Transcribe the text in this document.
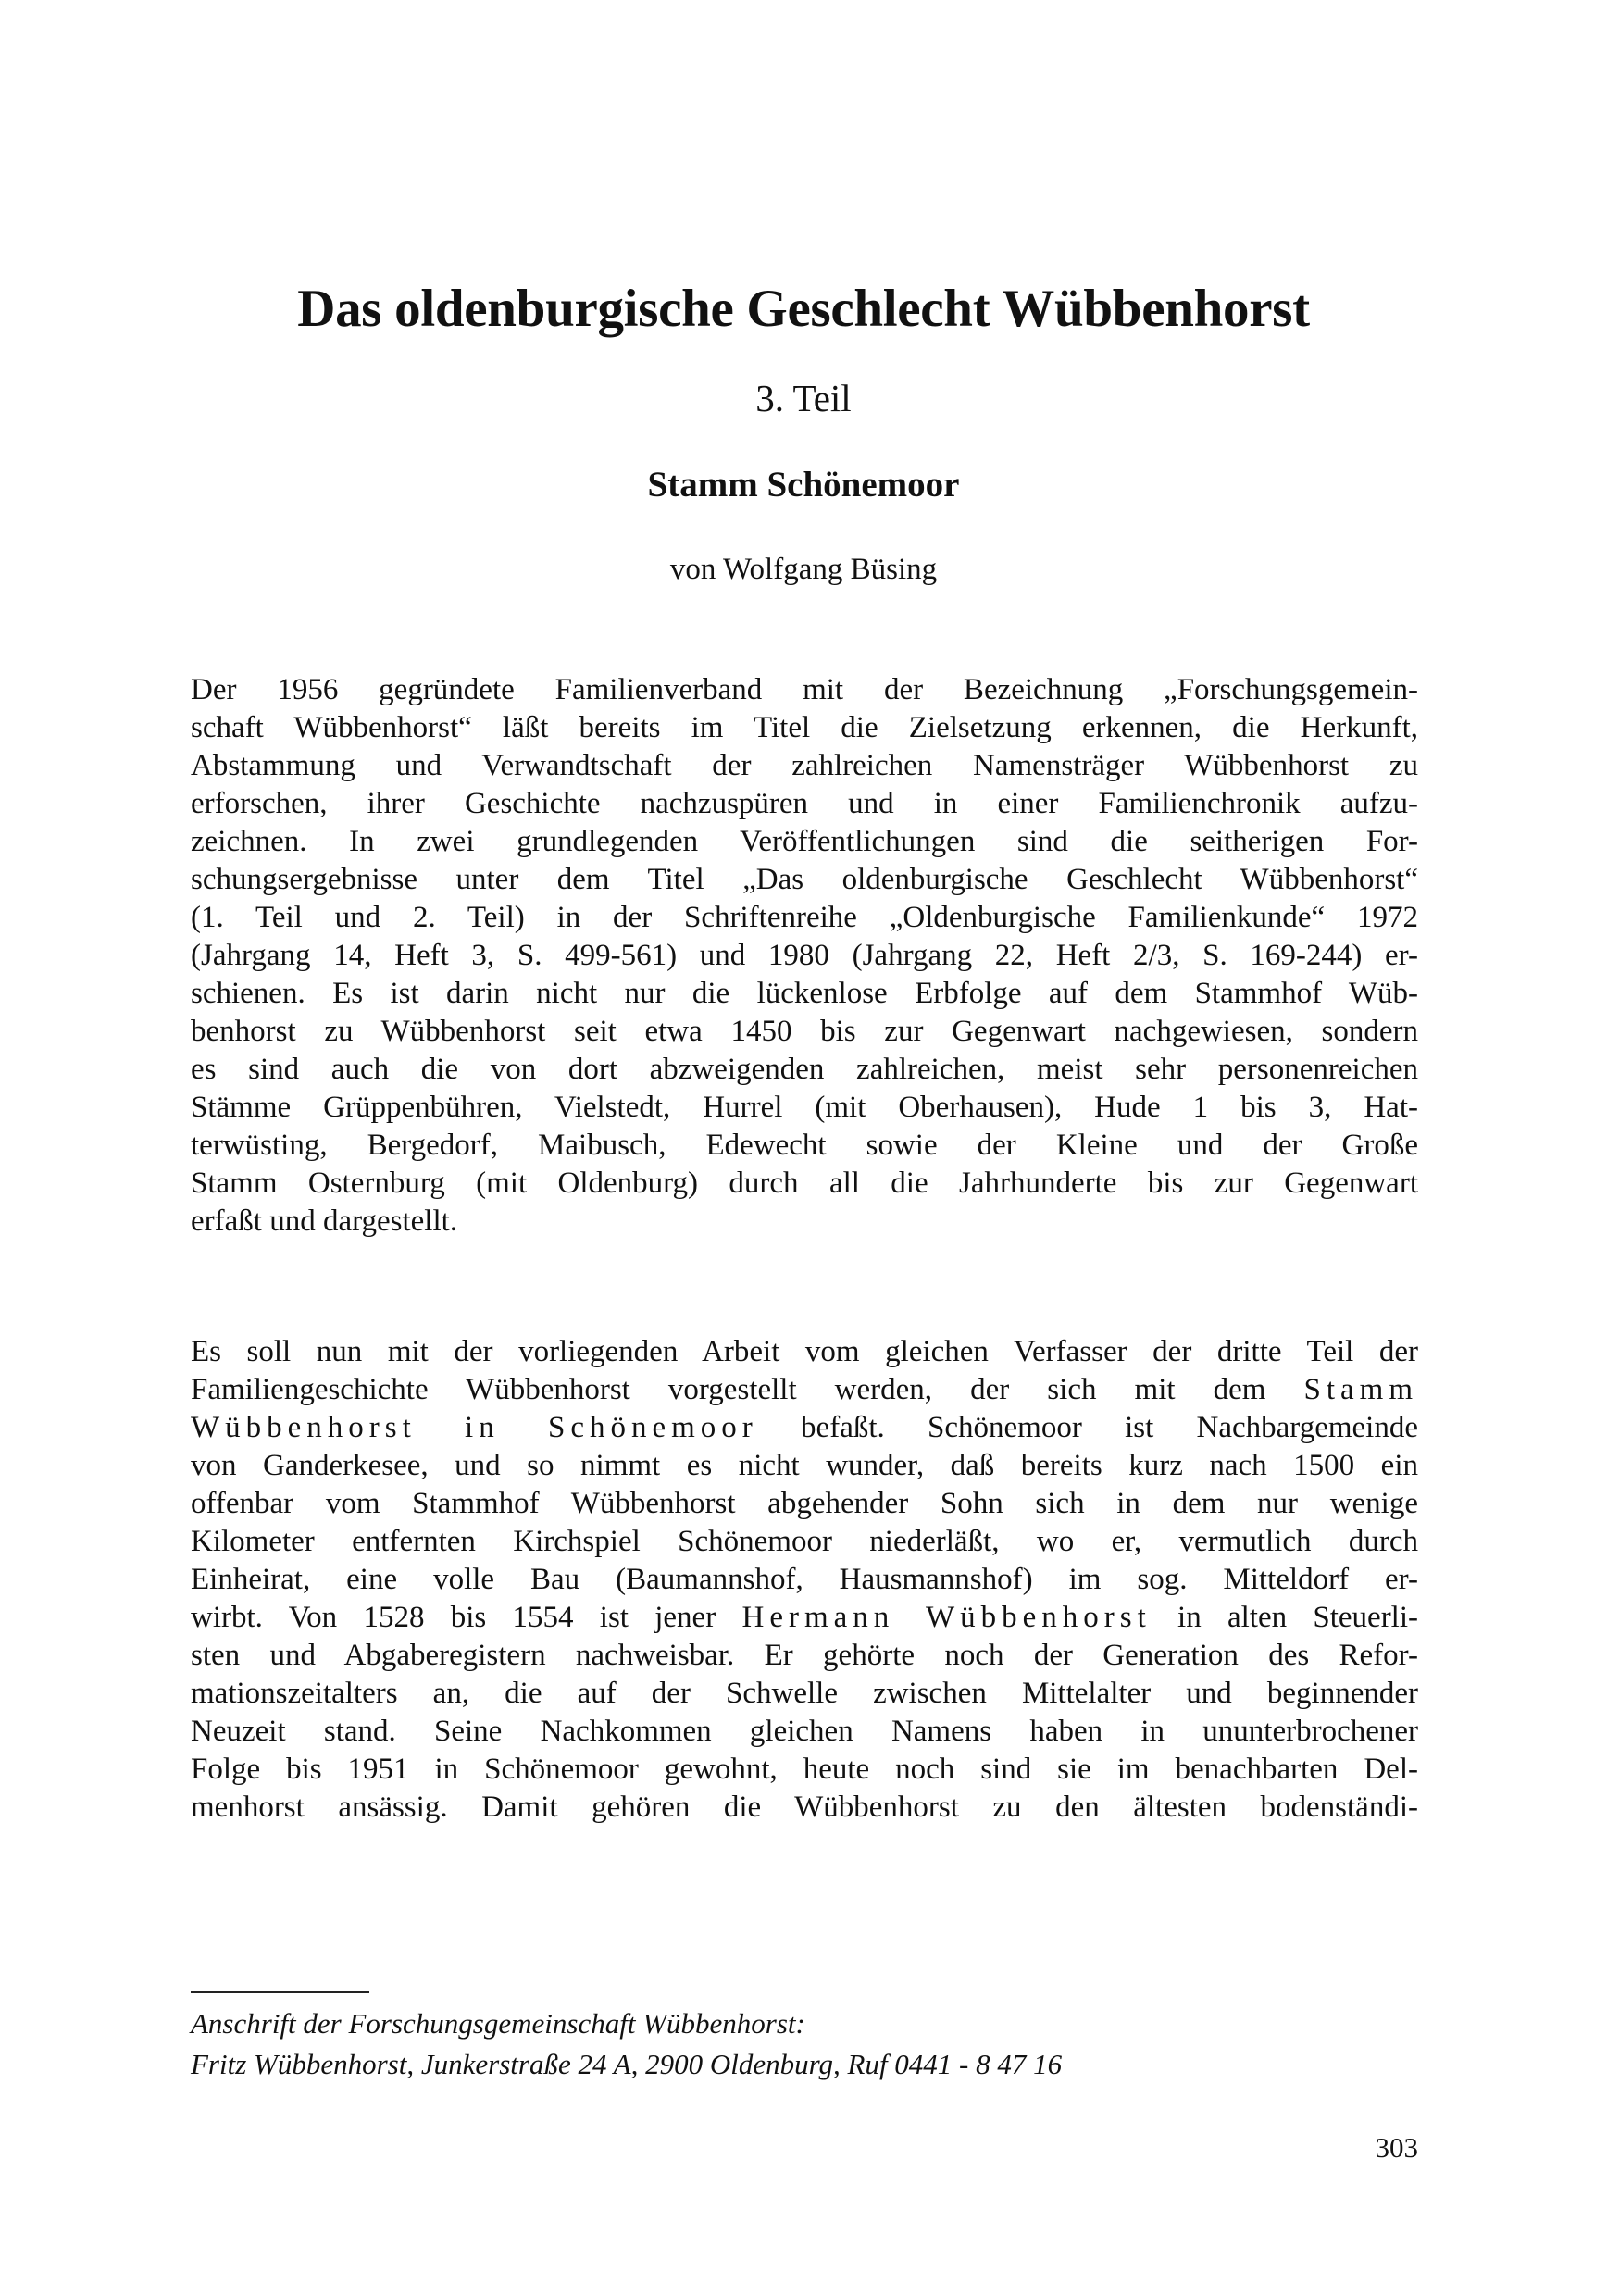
Das oldenburgische Geschlecht Wübbenhorst
3. Teil
Stamm Schönemoor
von Wolfgang Büsing
Der 1956 gegründete Familienverband mit der Bezeichnung „Forschungsgemein-
schaft Wübbenhorst“ läßt bereits im Titel die Zielsetzung erkennen, die Herkunft,
Abstammung und Verwandtschaft der zahlreichen Namensträger Wübbenhorst zu
erforschen, ihrer Geschichte nachzuspüren und in einer Familienchronik aufzu-
zeichnen. In zwei grundlegenden Veröffentlichungen sind die seitherigen For-
schungsergebnisse unter dem Titel „Das oldenburgische Geschlecht Wübbenhorst“
(1. Teil und 2. Teil) in der Schriftenreihe „Oldenburgische Familienkunde“ 1972
(Jahrgang 14, Heft 3, S. 499-561) und 1980 (Jahrgang 22, Heft 2/3, S. 169-244) er-
schienen. Es ist darin nicht nur die lückenlose Erbfolge auf dem Stammhof Wüb-
benhorst zu Wübbenhorst seit etwa 1450 bis zur Gegenwart nachgewiesen, sondern
es sind auch die von dort abzweigenden zahlreichen, meist sehr personenreichen
Stämme Grüppenbühren, Vielstedt, Hurrel (mit Oberhausen), Hude 1 bis 3, Hat-
terwüsting, Bergedorf, Maibusch, Edewecht sowie der Kleine und der Große
Stamm Osternburg (mit Oldenburg) durch all die Jahrhunderte bis zur Gegenwart
erfaßt und dargestellt.
Es soll nun mit der vorliegenden Arbeit vom gleichen Verfasser der dritte Teil der
Familiengeschichte Wübbenhorst vorgestellt werden, der sich mit dem Stamm
Wübbenhorst in Schönemoor befaßt. Schönemoor ist Nachbargemeinde
von Ganderkesee, und so nimmt es nicht wunder, daß bereits kurz nach 1500 ein
offenbar vom Stammhof Wübbenhorst abgehender Sohn sich in dem nur wenige
Kilometer entfernten Kirchspiel Schönemoor niederläßt, wo er, vermutlich durch
Einheirat, eine volle Bau (Baumannshof, Hausmannshof) im sog. Mitteldorf er-
wirbt. Von 1528 bis 1554 ist jener Hermann Wübbenhorst in alten Steuerli-
sten und Abgaberegistern nachweisbar. Er gehörte noch der Generation des Refor-
mationszeitalters an, die auf der Schwelle zwischen Mittelalter und beginnender
Neuzeit stand. Seine Nachkommen gleichen Namens haben in ununterbrochener
Folge bis 1951 in Schönemoor gewohnt, heute noch sind sie im benachbarten Del-
menhorst ansässig. Damit gehören die Wübbenhorst zu den ältesten bodenständi-
Anschrift der Forschungsgemeinschaft Wübbenhorst:
Fritz Wübbenhorst, Junkerstraße 24 A, 2900 Oldenburg, Ruf 0441 - 8 47 16
303
